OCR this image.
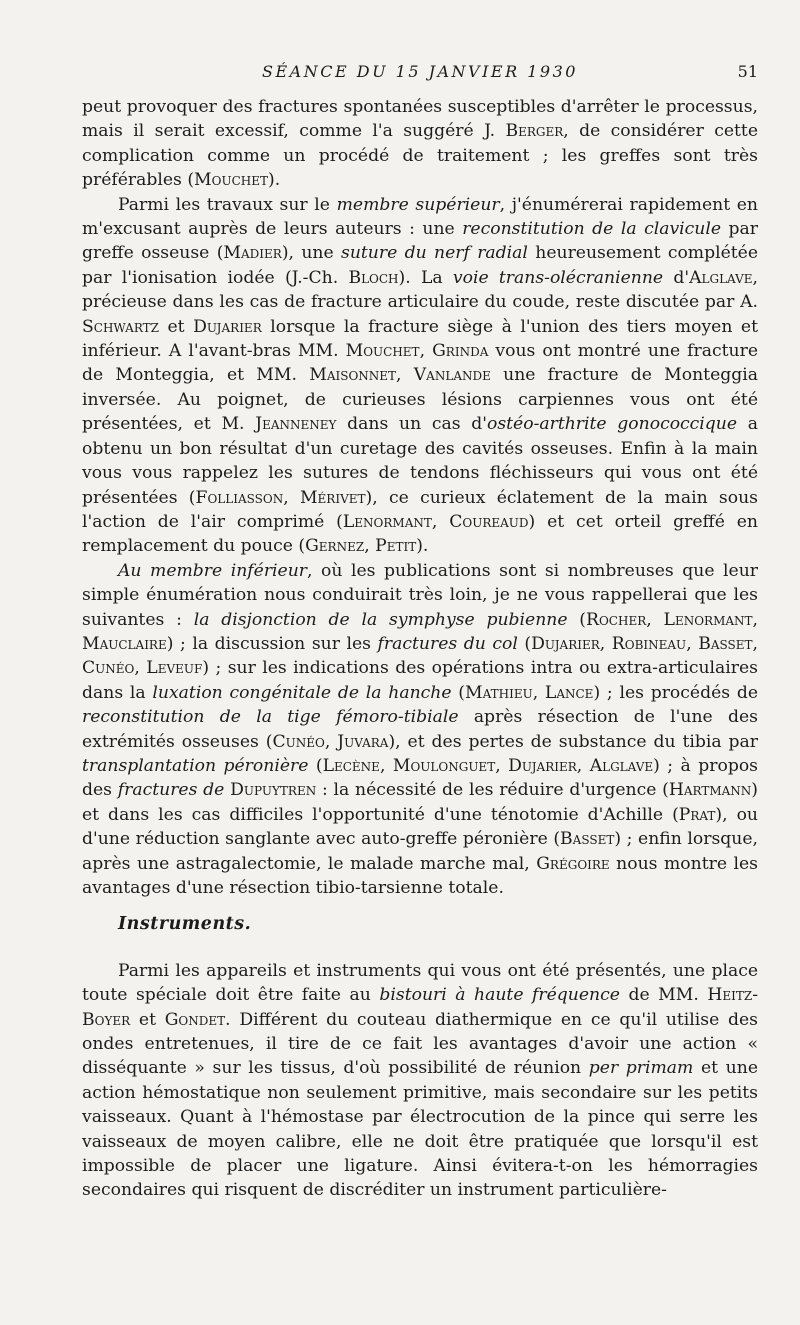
SÉANCE DU 15 JANVIER 1930	51

peut provoquer des fractures spontanées susceptibles d'arrêter le processus, mais il serait excessif, comme l'a suggéré J. Berger, de considérer cette complication comme un procédé de traitement ; les greffes sont très préférables (Mouchet).

Parmi les travaux sur le membre supérieur, j'énumérerai rapidement en m'excusant auprès de leurs auteurs : une reconstitution de la clavicule par greffe osseuse (Madier), une suture du nerf radial heureusement complétée par l'ionisation iodée (J.-Ch. Bloch). La voie trans-olécranienne d'Alglave, précieuse dans les cas de fracture articulaire du coude, reste discutée par A. Schwartz et Dujarier lorsque la fracture siège à l'union des tiers moyen et inférieur. A l'avant-bras MM. Mouchet, Grinda vous ont montré une fracture de Monteggia, et MM. Maisonnet, Vanlande une fracture de Monteggia inversée. Au poignet, de curieuses lésions carpiennes vous ont été présentées, et M. Jeanneney dans un cas d'ostéo-arthrite gonococcique a obtenu un bon résultat d'un curetage des cavités osseuses. Enfin à la main vous vous rappelez les sutures de tendons fléchisseurs qui vous ont été présentées (Folliasson, Mérivet), ce curieux éclatement de la main sous l'action de l'air comprimé (Lenormant, Coureaud) et cet orteil greffé en remplacement du pouce (Gernez, Petit).

Au membre inférieur, où les publications sont si nombreuses que leur simple énumération nous conduirait très loin, je ne vous rappellerai que les suivantes : la disjonction de la symphyse pubienne (Rocher, Lenormant, Mauclaire) ; la discussion sur les fractures du col (Dujarier, Robineau, Basset, Cunéo, Leveuf) ; sur les indications des opérations intra ou extra-articulaires dans la luxation congénitale de la hanche (Mathieu, Lance) ; les procédés de reconstitution de la tige fémoro-tibiale après résection de l'une des extrémités osseuses (Cunéo, Juvara), et des pertes de substance du tibia par transplantation péronière (Lecène, Moulonguet, Dujarier, Alglave) ; à propos des fractures de Dupuytren : la nécessité de les réduire d'urgence (Hartmann) et dans les cas difficiles l'opportunité d'une ténotomie d'Achille (Prat), ou d'une réduction sanglante avec auto-greffe péronière (Basset) ; enfin lorsque, après une astragalectomie, le malade marche mal, Grégoire nous montre les avantages d'une résection tibio-tarsienne totale.

Instruments.

Parmi les appareils et instruments qui vous ont été présentés, une place toute spéciale doit être faite au bistouri à haute fréquence de MM. Heitz-Boyer et Gondet. Différent du couteau diathermique en ce qu'il utilise des ondes entretenues, il tire de ce fait les avantages d'avoir une action « disséquante » sur les tissus, d'où possibilité de réunion per primam et une action hémostatique non seulement primitive, mais secondaire sur les petits vaisseaux. Quant à l'hémostase par électrocution de la pince qui serre les vaisseaux de moyen calibre, elle ne doit être pratiquée que lorsqu'il est impossible de placer une ligature. Ainsi évitera-t-on les hémorragies secondaires qui risquent de discréditer un instrument particulière-
